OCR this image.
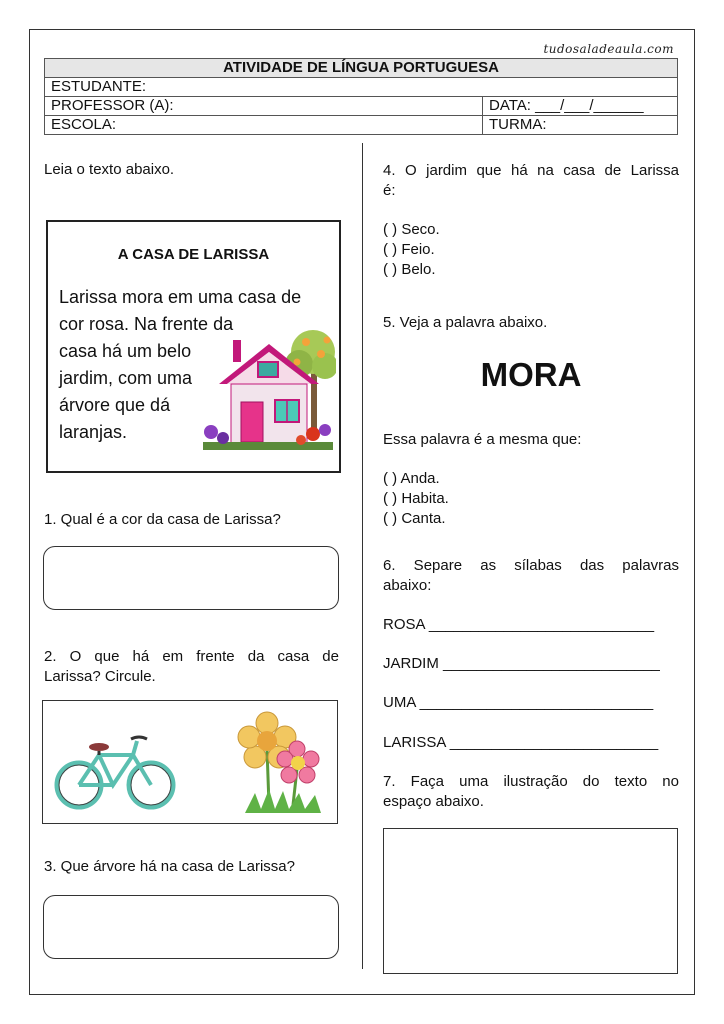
tudosaladeaula.com
ATIVIDADE DE LÍNGUA PORTUGUESA	
ESTUDANTE:	
PROFESSOR (A):	DATA: ___/___/______
ESCOLA:	TURMA:
Leia o texto abaixo.
A CASA DE LARISSA
Larissa mora em uma casa de
cor rosa. Na frente da
casa há um belo
jardim, com uma
árvore que dá
laranjas.
1. Qual é a cor da casa de Larissa?
2. O que há em frente da casa de
Larissa? Circule.
3. Que árvore há na casa de Larissa?
4. O jardim que há na casa de Larissa
é:
( ) Seco.
( ) Feio.
( ) Belo.
5. Veja a palavra abaixo.
MORA
Essa palavra é a mesma que:
( ) Anda.
( ) Habita.
( ) Canta.
6. Separe as sílabas das palavras
abaixo:
ROSA ___________________________
JARDIM __________________________
UMA ____________________________
LARISSA _________________________
7. Faça uma ilustração do texto no
espaço abaixo.
